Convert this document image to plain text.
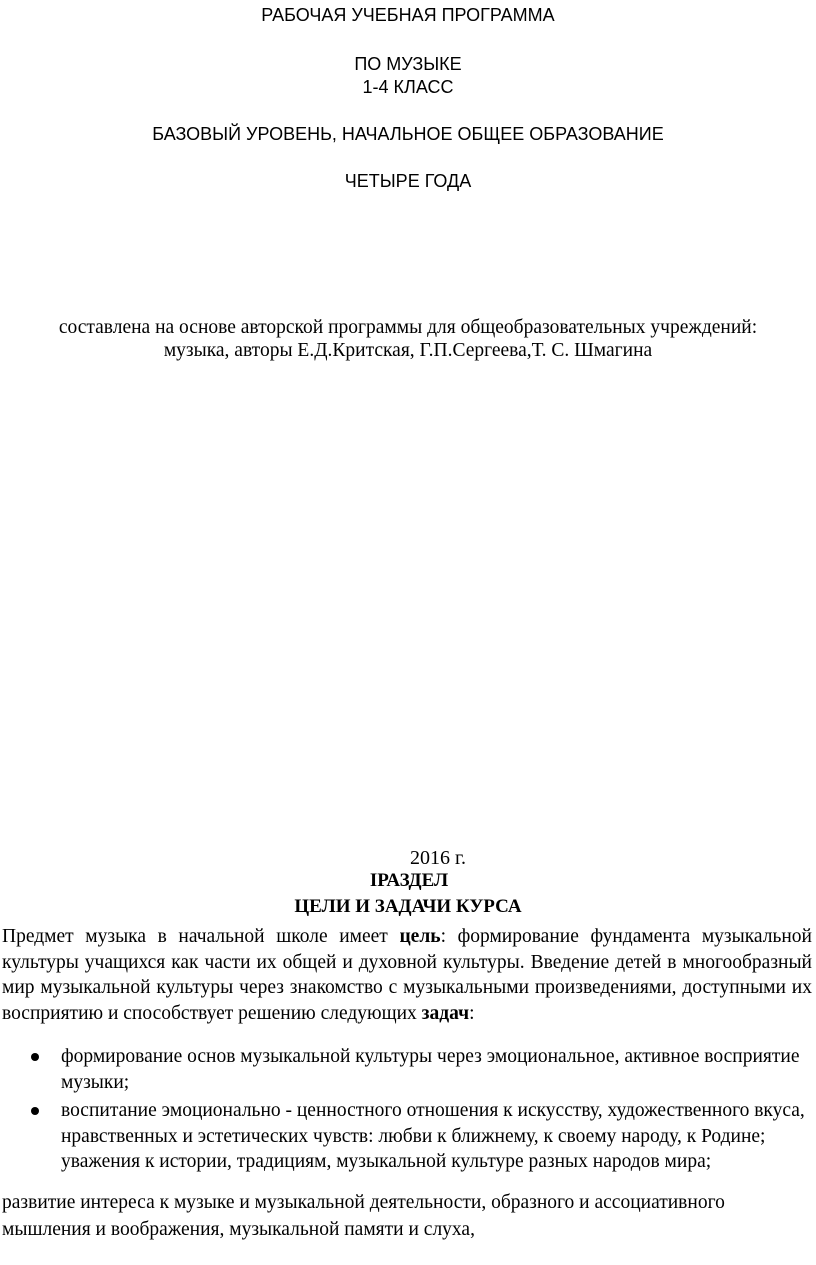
РАБОЧАЯ УЧЕБНАЯ ПРОГРАММА
ПО МУЗЫКЕ
1-4 КЛАСС
БАЗОВЫЙ УРОВЕНЬ, НАЧАЛЬНОЕ ОБЩЕЕ ОБРАЗОВАНИЕ
ЧЕТЫРЕ ГОДА
составлена на основе авторской программы для общеобразовательных учреждений:
музыка, авторы Е.Д.Критская, Г.П.Сергеева,Т. С. Шмагина
2016 г.
IРАЗДЕЛ
ЦЕЛИ И ЗАДАЧИ КУРСА
Предмет музыка в начальной школе имеет цель: формирование фундамента музыкальной культуры учащихся как части их общей и духовной культуры. Введение детей в многообразный мир музыкальной культуры через знакомство с музыкальными произведениями, доступными их восприятию и способствует решению следующих задач:
формирование основ музыкальной культуры через эмоциональное, активное восприятие музыки;
воспитание эмоционально - ценностного отношения к искусству, художественного вкуса, нравственных и эстетических чувств: любви к ближнему, к своему народу, к Родине; уважения к истории, традициям, музыкальной культуре разных народов мира;
развитие интереса к музыке и музыкальной деятельности, образного и ассоциативного мышления и воображения, музыкальной памяти и слуха,
